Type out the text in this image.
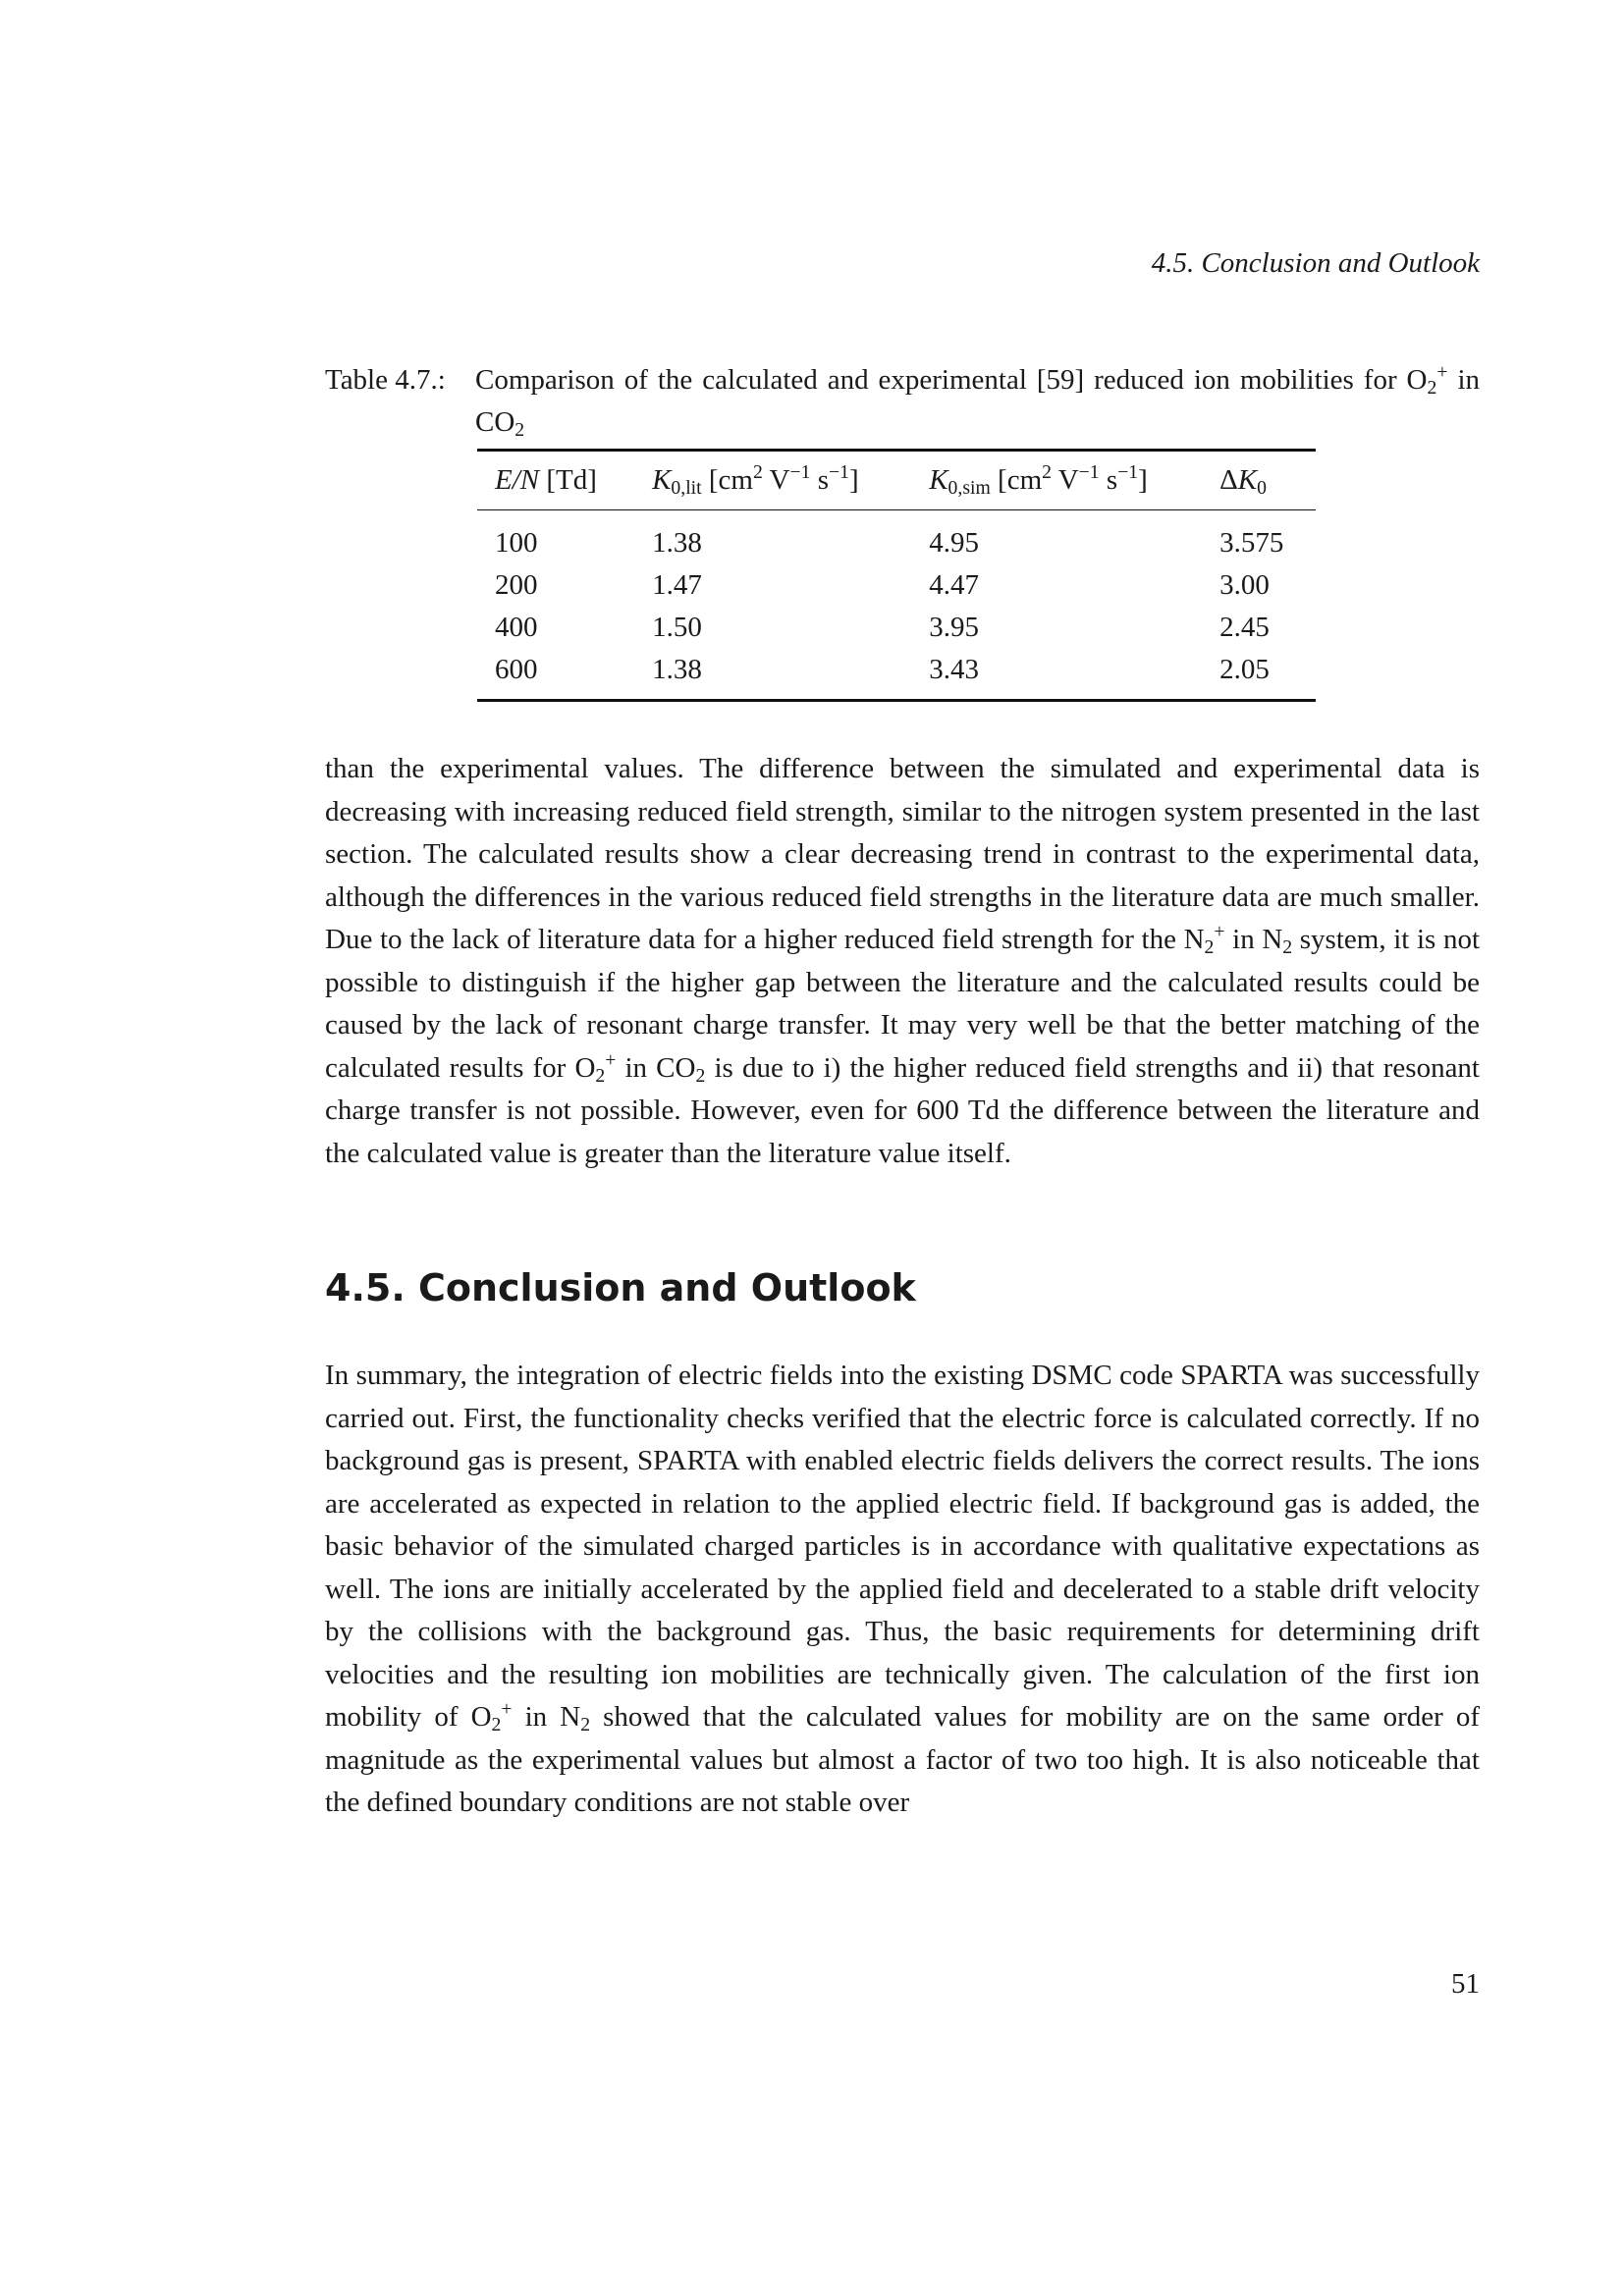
4.5. Conclusion and Outlook
Table 4.7.: Comparison of the calculated and experimental [59] reduced ion mobilities for $O_2^+$ in $CO_2$
E/N [Td]	$K_{0,lit}$ [$cm^2$ $V^{-1}$ $s^{-1}$]	$K_{0,sim}$ [$cm^2$ $V^{-1}$ $s^{-1}$]	$\Delta K_0$
100	1.38	4.95	3.575
200	1.47	4.47	3.00
400	1.50	3.95	2.45
600	1.38	3.43	2.05

than the experimental values. The difference between the simulated and experimental data is decreasing with increasing reduced field strength, similar to the nitrogen system presented in the last section. The calculated results show a clear decreasing trend in contrast to the experimental data, although the differences in the various reduced field strengths in the literature data are much smaller. Due to the lack of literature data for a higher reduced field strength for the $N_2^+$ in $N_2$ system, it is not possible to distinguish if the higher gap between the literature and the calculated results could be caused by the lack of resonant charge transfer. It may very well be that the better matching of the calculated results for $O_2^+$ in $CO_2$ is due to i) the higher reduced field strengths and ii) that resonant charge transfer is not possible. However, even for 600 Td the difference between the literature and the calculated value is greater than the literature value itself.

4.5. Conclusion and Outlook

In summary, the integration of electric fields into the existing DSMC code SPARTA was successfully carried out. First, the functionality checks verified that the electric force is calculated correctly. If no background gas is present, SPARTA with enabled electric fields delivers the correct results. The ions are accelerated as expected in relation to the applied electric field. If background gas is added, the basic behavior of the simulated charged particles is in accordance with qualitative expectations as well. The ions are initially accelerated by the applied field and decelerated to a stable drift velocity by the collisions with the background gas. Thus, the basic requirements for determining drift velocities and the resulting ion mobilities are technically given. The calculation of the first ion mobility of $O_2^+$ in $N_2$ showed that the calculated values for mobility are on the same order of magnitude as the experimental values but almost a factor of two too high. It is also noticeable that the defined boundary conditions are not stable over

51
